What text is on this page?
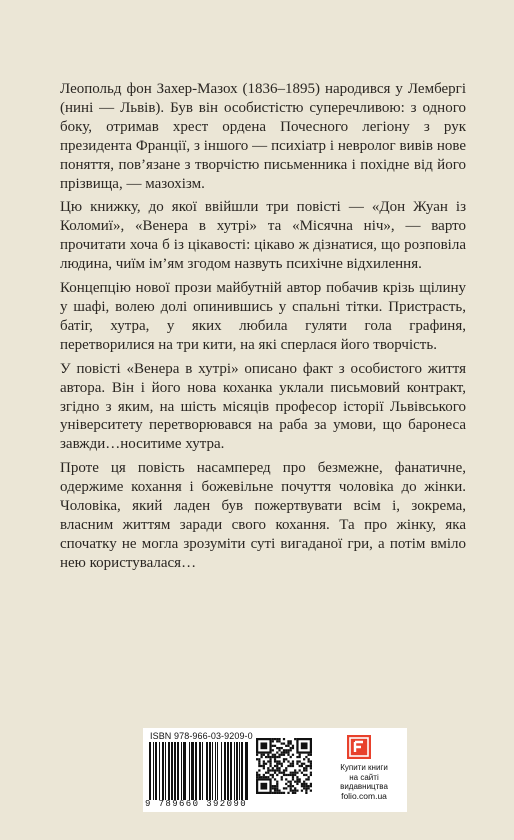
Леопольд фон Захер-Мазох (1836–1895) народився у Лембергі (нині — Львів). Був він особистістю суперечливою: з одного боку, отримав хрест ордена Почесного легіону з рук президента Франції, з іншого — психіатр і невролог вивів нове поняття, пов’язане з творчістю письменника і похідне від його прізвища, — мазохізм.

Цю книжку, до якої ввійшли три повісті — «Дон Жуан із Коломиї», «Венера в хутрі» та «Місячна ніч», — варто прочитати хоча б із цікавості: цікаво ж дізнатися, що розповіла людина, чиїм ім’ям згодом назвуть психічне відхилення.

Концепцію нової прози майбутній автор побачив крізь щілину у шафі, волею долі опинившись у спальні тітки. Пристрасть, батіг, хутра, у яких любила гуляти гола графиня, перетворилися на три кити, на які сперлася його творчість.

У повісті «Венера в хутрі» описано факт з особистого життя автора. Він і його нова коханка уклали письмовий контракт, згідно з яким, на шість місяців професор історії Львівського університету перетворювався на раба за умови, що баронеса завжди…носитиме хутра.

Проте ця повість насамперед про безмежне, фанатичне, одержиме кохання і божевільне почуття чоловіка до жінки. Чоловіка, який ладен був пожертвувати всім і, зокрема, власним життям заради свого кохання. Та про жінку, яка спочатку не могла зрозуміти суті вигаданої гри, а потім вміло нею користувалася…

ISBN 978-966-03-9209-0
9 789660 392090
Купити книги
на сайті
видавництва
folio.com.ua
